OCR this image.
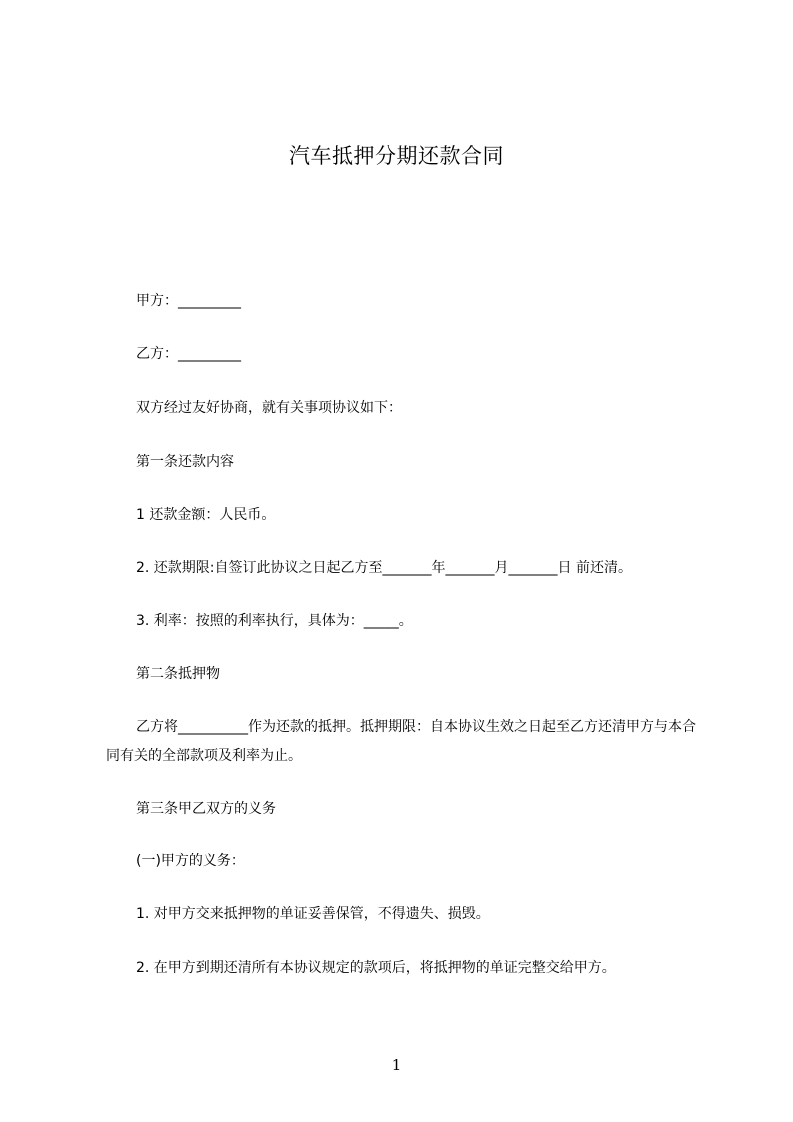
汽车抵押分期还款合同
甲方：_________
乙方：_________
双方经过友好协商，就有关事项协议如下：
第一条还款内容
1 还款金额：人民币。
2. 还款期限:自签订此协议之日起乙方至_______年_______月_______日 前还清。
3. 利率：按照的利率执行，具体为：_____。
第二条抵押物
乙方将__________作为还款的抵押。抵押期限：自本协议生效之日起至乙方还清甲方与本合同有关的全部款项及利率为止。
第三条甲乙双方的义务
(一)甲方的义务：
1. 对甲方交来抵押物的单证妥善保管，不得遗失、损毁。
2. 在甲方到期还清所有本协议规定的款项后，将抵押物的单证完整交给甲方。
1
